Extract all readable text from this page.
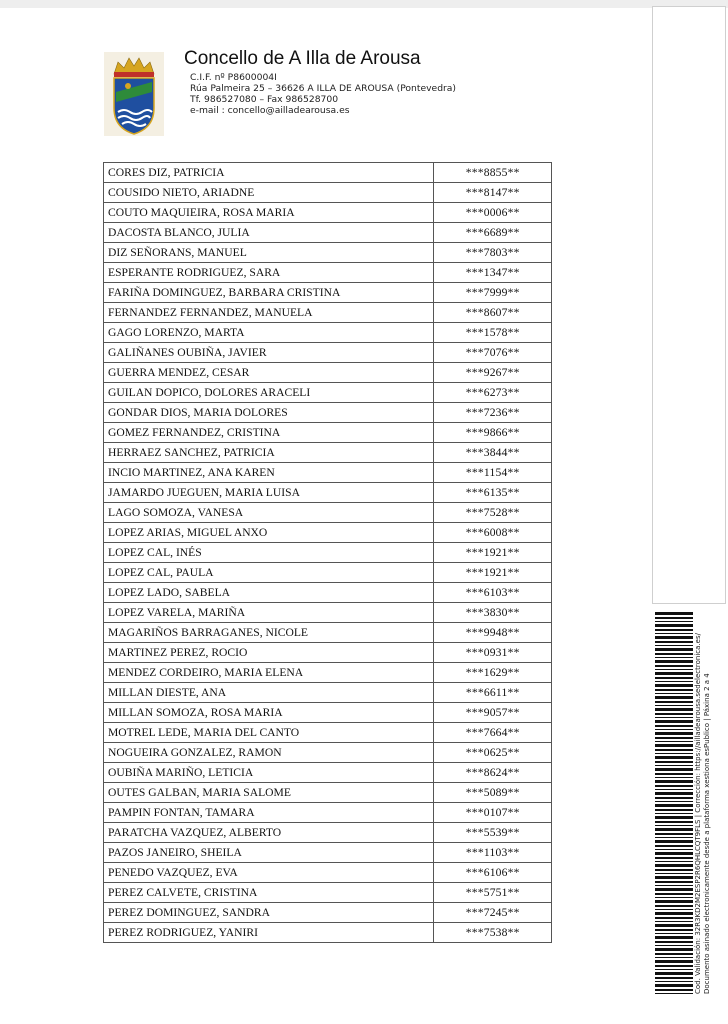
Concello de A Illa de Arousa
C.I.F. nº P8600004I
Rúa Palmeira 25 – 36626 A ILLA DE AROUSA (Pontevedra)
Tf. 986527080 – Fax 986528700
e-mail : concello@ailladearousa.es
CORES DIZ, PATRICIA	***8855**
COUSIDO NIETO, ARIADNE	***8147**
COUTO MAQUIEIRA, ROSA MARIA	***0006**
DACOSTA BLANCO, JULIA	***6689**
DIZ SEÑORANS, MANUEL	***7803**
ESPERANTE RODRIGUEZ, SARA	***1347**
FARIÑA DOMINGUEZ, BARBARA CRISTINA	***7999**
FERNANDEZ FERNANDEZ, MANUELA	***8607**
GAGO LORENZO, MARTA	***1578**
GALIÑANES OUBIÑA, JAVIER	***7076**
GUERRA MENDEZ, CESAR	***9267**
GUILAN DOPICO, DOLORES ARACELI	***6273**
GONDAR DIOS, MARIA DOLORES	***7236**
GOMEZ FERNANDEZ, CRISTINA	***9866**
HERRAEZ SANCHEZ, PATRICIA	***3844**
INCIO MARTINEZ, ANA KAREN	***1154**
JAMARDO JUEGUEN, MARIA LUISA	***6135**
LAGO SOMOZA, VANESA	***7528**
LOPEZ ARIAS, MIGUEL ANXO	***6008**
LOPEZ CAL, INÉS	***1921**
LOPEZ CAL, PAULA	***1921**
LOPEZ LADO, SABELA	***6103**
LOPEZ VARELA, MARIÑA	***3830**
MAGARIÑOS BARRAGANES, NICOLE	***9948**
MARTINEZ PEREZ, ROCIO	***0931**
MENDEZ CORDEIRO, MARIA ELENA	***1629**
MILLAN DIESTE, ANA	***6611**
MILLAN SOMOZA, ROSA MARIA	***9057**
MOTREL LEDE, MARIA DEL CANTO	***7664**
NOGUEIRA GONZALEZ, RAMON	***0625**
OUBIÑA MARIÑO, LETICIA	***8624**
OUTES GALBAN, MARIA SALOME	***5089**
PAMPIN FONTAN, TAMARA	***0107**
PARATCHA VAZQUEZ, ALBERTO	***5539**
PAZOS JANEIRO, SHEILA	***1103**
PENEDO VAZQUEZ, EVA	***6106**
PEREZ CALVETE, CRISTINA	***5751**
PEREZ DOMINGUEZ, SANDRA	***7245**
PEREZ RODRIGUEZ, YANIRI	***7538**	Cod. Validación: 32R3KD2M2ESP2R6QHLCQT9FLS | Corrección: https://ailladearousa.sedelectronica.es/ Documento asinado electronicamente desde a plataforma xestiona esPublico | Páxina 2 a 4
